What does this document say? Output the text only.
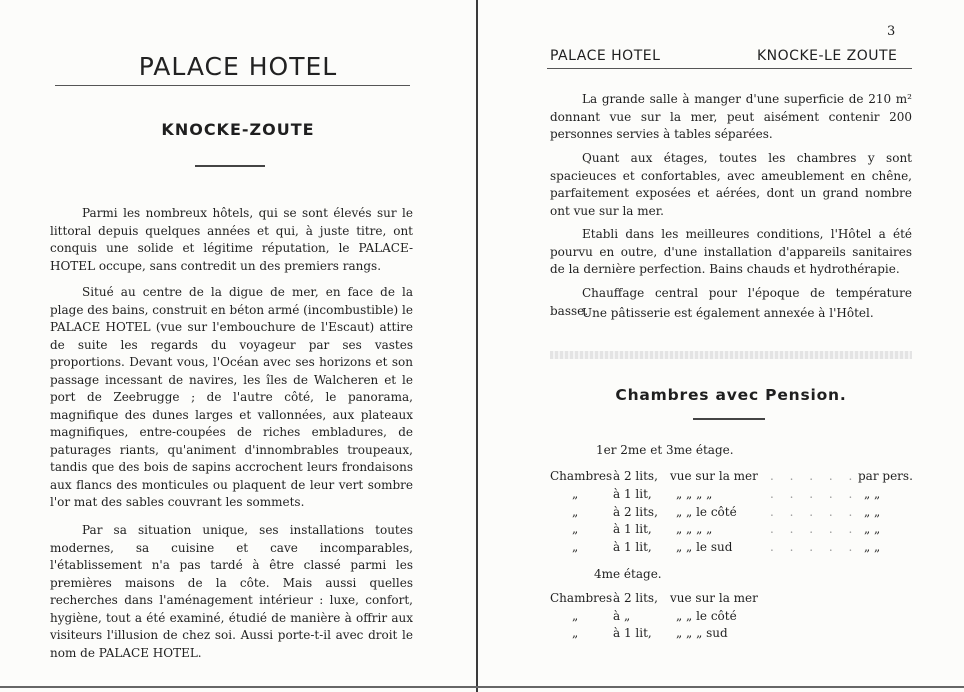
PALACE HOTEL
KNOCKE-ZOUTE

Parmi les nombreux hôtels, qui se sont élevés sur le littoral depuis quelques années et qui, à juste titre, ont conquis une solide et légitime réputation, le PALACE-HOTEL occupe, sans contredit un des premiers rangs.

Situé au centre de la digue de mer, en face de la plage des bains, construit en béton armé (incombustible) le PALACE HOTEL (vue sur l'embouchure de l'Escaut) attire de suite les regards du voyageur par ses vastes proportions. Devant vous, l'Océan avec ses horizons et son passage incessant de navires, les îles de Walcheren et le port de Zeebrugge ; de l'autre côté, le panorama, magnifique des dunes larges et vallonnées, aux plateaux magnifiques, entre-coupées de riches embladures, de paturages riants, qu'animent d'innombrables troupeaux, tandis que des bois de sapins accrochent leurs frondaisons aux flancs des monticules ou plaquent de leur vert sombre l'or mat des sables couvrant les sommets.

Par sa situation unique, ses installations toutes modernes, sa cuisine et cave incomparables, l'établissement n'a pas tardé à être classé parmi les premières maisons de la côte. Mais aussi quelles recherches dans l'aménagement intérieur : luxe, confort, hygiène, tout a été examiné, étudié de manière à offrir aux visiteurs l'illusion de chez soi. Aussi porte-t-il avec droit le nom de PALACE HOTEL.

3
PALACE HOTEL	KNOCKE-LE ZOUTE

La grande salle à manger d'une superficie de 210 m² donnant vue sur la mer, peut aisément contenir 200 personnes servies à tables séparées.

Quant aux étages, toutes les chambres y sont spacieuces et confortables, avec ameublement en chêne, parfaitement exposées et aérées, dont un grand nombre ont vue sur la mer.

Etabli dans les meilleures conditions, l'Hôtel a été pourvu en outre, d'une installation d'appareils sanitaires de la dernière perfection. Bains chauds et hydrothérapie.

Chauffage central pour l'époque de température basse.

Une pâtisserie est également annexée à l'Hôtel.

Chambres avec Pension.
1er 2me et 3me étage.
Chambres à 2 lits, vue sur la mer . . . . . par pers.
„	à 1 lit, „ „ „ „	. . . . . „ „
„	à 2 lits, „ „ le côté	. . . . . „ „
„	à 1 lit, „ „ „ „	. . . . . „ „
„	à 1 lit, „ „ le sud	. . . . . „ „
4me étage.
Chambres à 2 lits, vue sur la mer
„	à „	„ „ le côté
„	à 1 lit, „ „ „ sud
